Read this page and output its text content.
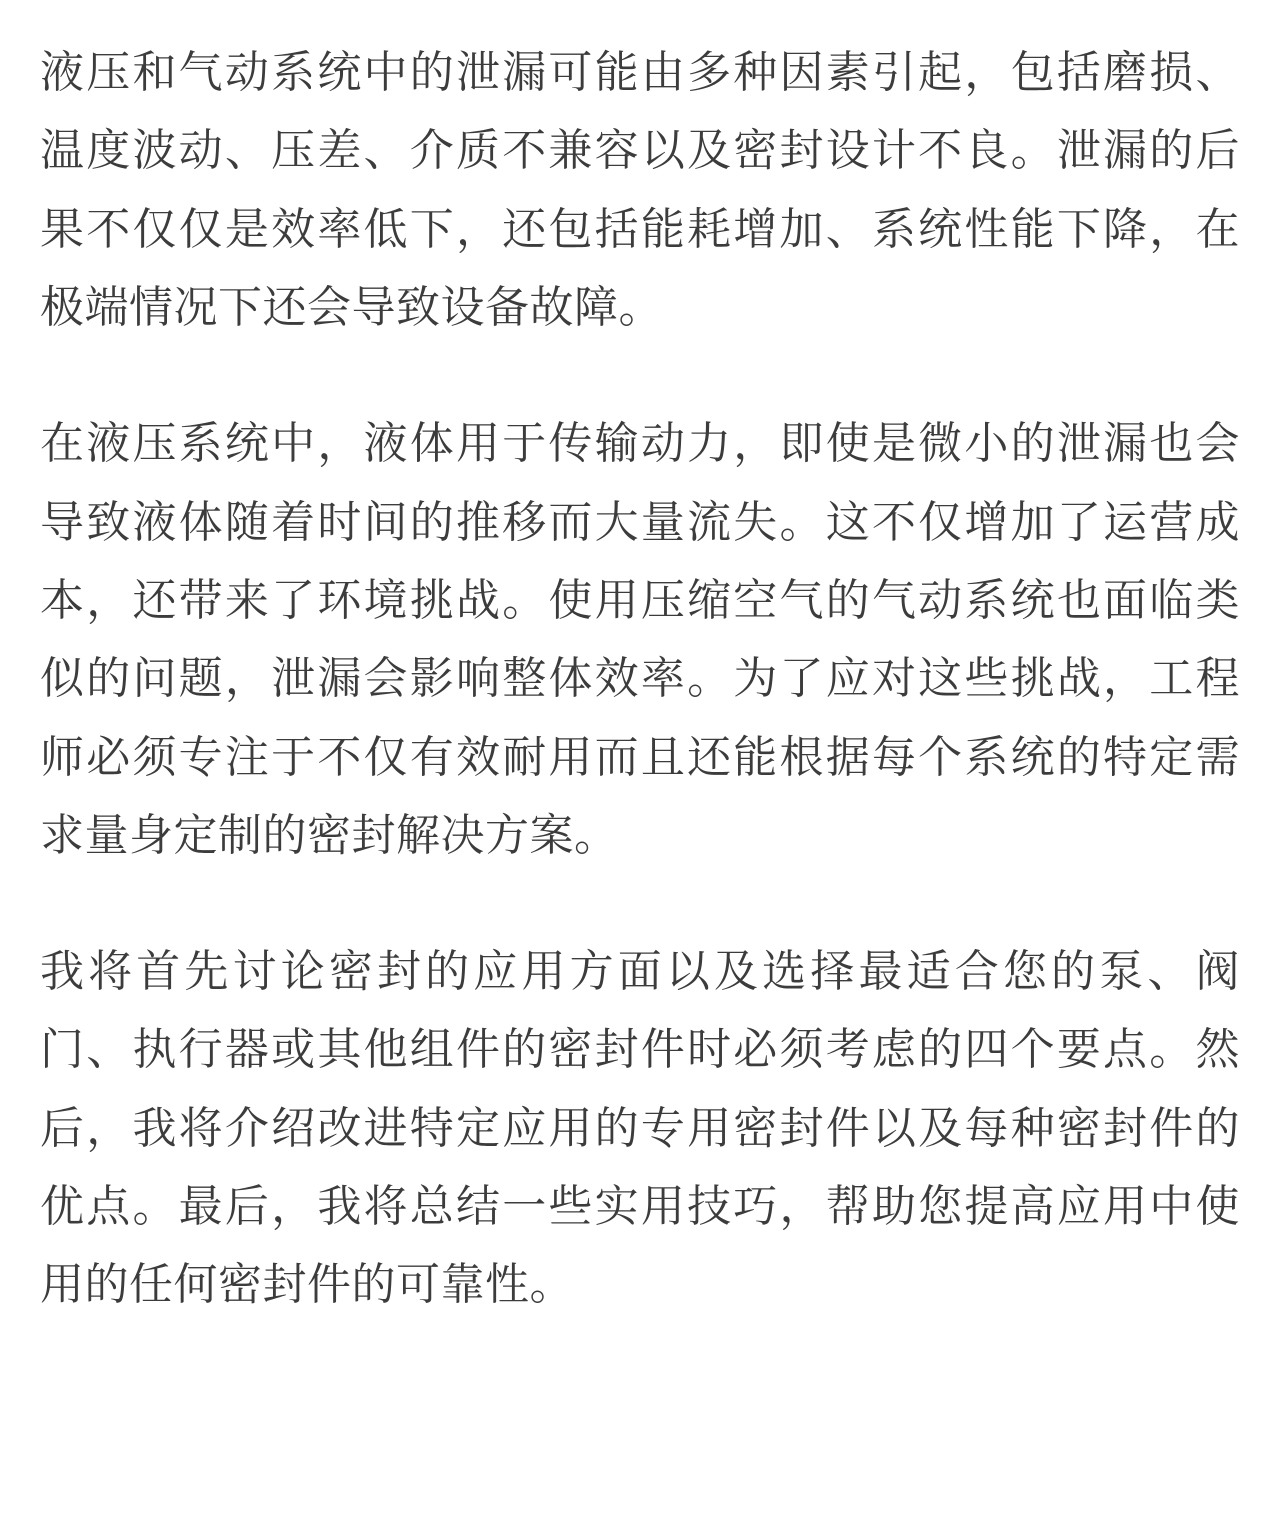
液压和气动系统中的泄漏可能由多种因素引起，包括磨损、温度波动、压差、介质不兼容以及密封设计不良。泄漏的后果不仅仅是效率低下，还包括能耗增加、系统性能下降，在极端情况下还会导致设备故障。

在液压系统中，液体用于传输动力，即使是微小的泄漏也会导致液体随着时间的推移而大量流失。这不仅增加了运营成本，还带来了环境挑战。使用压缩空气的气动系统也面临类似的问题，泄漏会影响整体效率。为了应对这些挑战，工程师必须专注于不仅有效耐用而且还能根据每个系统的特定需求量身定制的密封解决方案。

我将首先讨论密封的应用方面以及选择最适合您的泵、阀门、执行器或其他组件的密封件时必须考虑的四个要点。然后，我将介绍改进特定应用的专用密封件以及每种密封件的优点。最后，我将总结一些实用技巧，帮助您提高应用中使用的任何密封件的可靠性。
